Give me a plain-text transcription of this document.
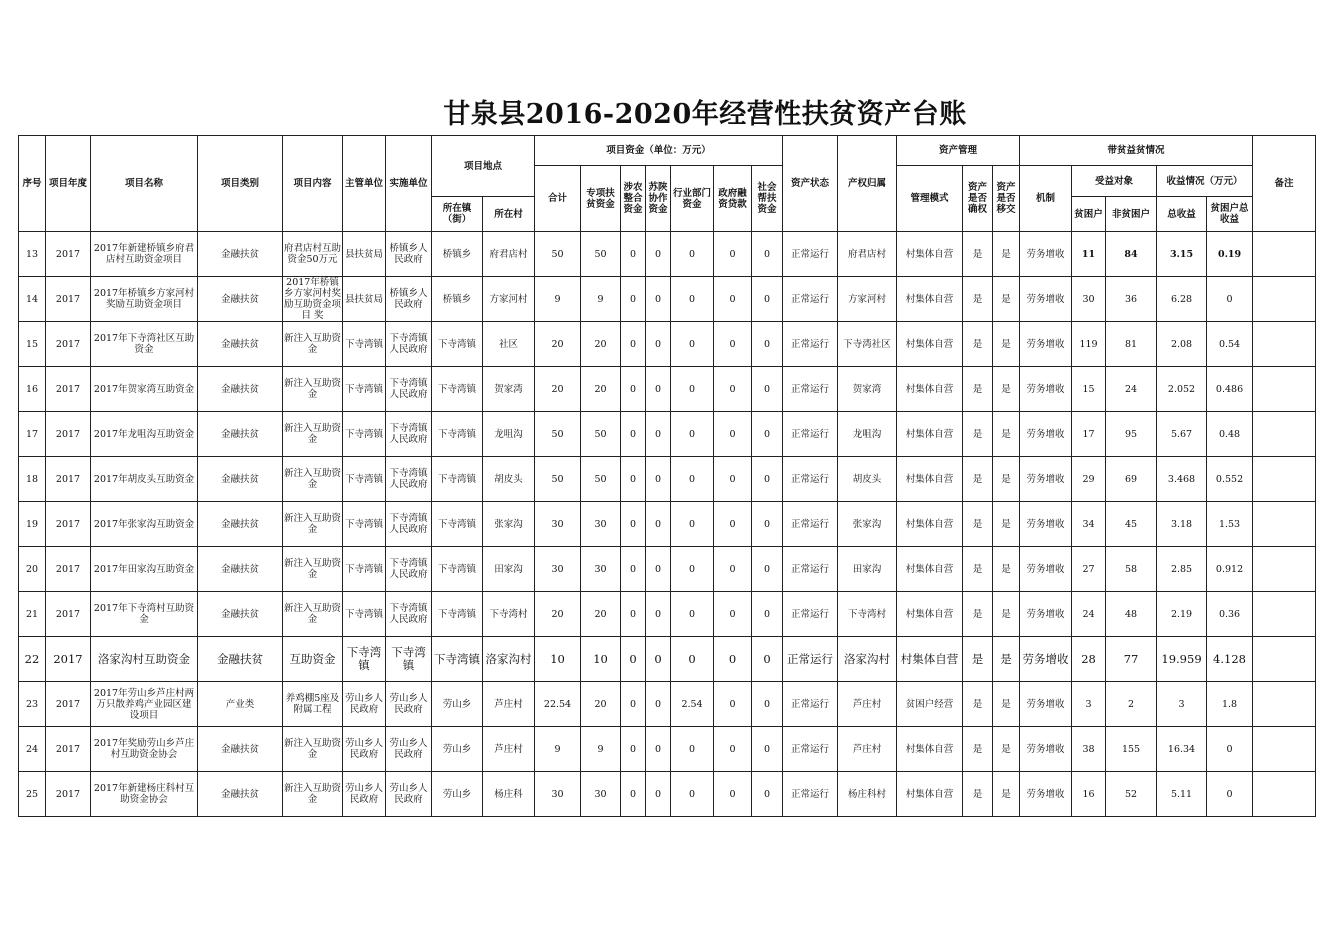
甘泉县2016-2020年经营性扶贫资产台账
序号	项目年度	项目名称	项目类别	项目内容	主管单位	实施单位	项目地点		项目资金（单位：万元）							资产状态	产权归属	资产管理			带贫益贫情况					备注
									合计	专项扶贫资金	涉农整合资金	苏陕协作资金	行业部门资金	政府融资贷款	社会帮扶资金			管理模式	资产是否确权	资产是否移交	机制	受益对象		收益情况（万元）		
							所在镇（街）	所在村														贫困户	非贫困户	总收益	贫困户总收益	
13	2017	2017年新建桥镇乡府君店村互助资金项目	金融扶贫	府君店村互助资金50万元	县扶贫局	桥镇乡人民政府	桥镇乡	府君店村	50	50	0	0	0	0	0	正常运行	府君店村	村集体自营	是	是	劳务增收	11	84	3.15	0.19	
14	2017	2017年桥镇乡方家河村奖励互助资金项目	金融扶贫	2017年桥镇乡方家河村奖励互助资金项目 奖	县扶贫局	桥镇乡人民政府	桥镇乡	方家河村	9	9	0	0	0	0	0	正常运行	方家河村	村集体自营	是	是	劳务增收	30	36	6.28	0	
15	2017	2017年下寺湾社区互助资金	金融扶贫	新注入互助资金	下寺湾镇	下寺湾镇人民政府	下寺湾镇	社区	20	20	0	0	0	0	0	正常运行	下寺湾社区	村集体自营	是	是	劳务增收	119	81	2.08	0.54	
16	2017	2017年贺家湾互助资金	金融扶贫	新注入互助资金	下寺湾镇	下寺湾镇人民政府	下寺湾镇	贺家湾	20	20	0	0	0	0	0	正常运行	贺家湾	村集体自营	是	是	劳务增收	15	24	2.052	0.486	
17	2017	2017年龙咀沟互助资金	金融扶贫	新注入互助资金	下寺湾镇	下寺湾镇人民政府	下寺湾镇	龙咀沟	50	50	0	0	0	0	0	正常运行	龙咀沟	村集体自营	是	是	劳务增收	17	95	5.67	0.48	
18	2017	2017年胡皮头互助资金	金融扶贫	新注入互助资金	下寺湾镇	下寺湾镇人民政府	下寺湾镇	胡皮头	50	50	0	0	0	0	0	正常运行	胡皮头	村集体自营	是	是	劳务增收	29	69	3.468	0.552	
19	2017	2017年张家沟互助资金	金融扶贫	新注入互助资金	下寺湾镇	下寺湾镇人民政府	下寺湾镇	张家沟	30	30	0	0	0	0	0	正常运行	张家沟	村集体自营	是	是	劳务增收	34	45	3.18	1.53	
20	2017	2017年田家沟互助资金	金融扶贫	新注入互助资金	下寺湾镇	下寺湾镇人民政府	下寺湾镇	田家沟	30	30	0	0	0	0	0	正常运行	田家沟	村集体自营	是	是	劳务增收	27	58	2.85	0.912	
21	2017	2017年下寺湾村互助资金	金融扶贫	新注入互助资金	下寺湾镇	下寺湾镇人民政府	下寺湾镇	下寺湾村	20	20	0	0	0	0	0	正常运行	下寺湾村	村集体自营	是	是	劳务增收	24	48	2.19	0.36	
22	2017	洛家沟村互助资金	金融扶贫	互助资金	下寺湾镇	下寺湾镇	下寺湾镇	洛家沟村	10	10	0	0	0	0	0	正常运行	洛家沟村	村集体自营	是	是	劳务增收	28	77	19.959	4.128	
23	2017	2017年劳山乡芦庄村两万只散养鸡产业园区建设项目	产业类	养鸡棚5座及附属工程	劳山乡人民政府	劳山乡人民政府	劳山乡	芦庄村	22.54	20	0	0	2.54	0	0	正常运行	芦庄村	贫困户经营	是	是	劳务增收	3	2	3	1.8	
24	2017	2017年奖励劳山乡芦庄村互助资金协会	金融扶贫	新注入互助资金	劳山乡人民政府	劳山乡人民政府	劳山乡	芦庄村	9	9	0	0	0	0	0	正常运行	芦庄村	村集体自营	是	是	劳务增收	38	155	16.34	0	
25	2017	2017年新建杨庄科村互助资金协会	金融扶贫	新注入互助资金	劳山乡人民政府	劳山乡人民政府	劳山乡	杨庄科	30	30	0	0	0	0	0	正常运行	杨庄科村	村集体自营	是	是	劳务增收	16	52	5.11	0	
